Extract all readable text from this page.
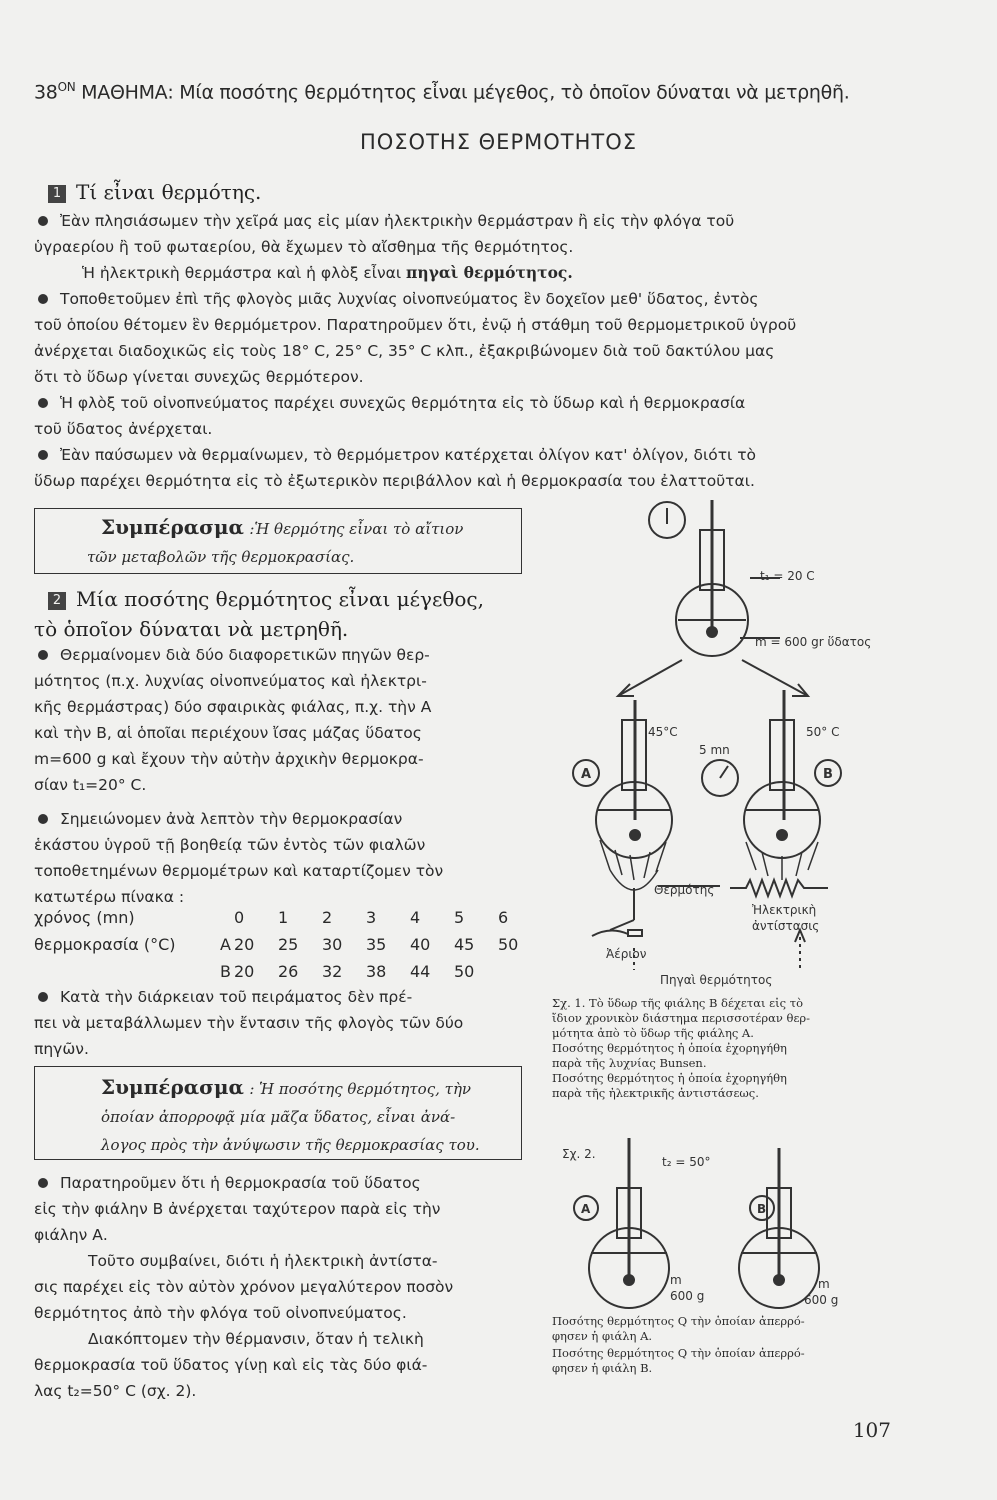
$38^{ON}$ ΜΑΘΗΜΑ: Μία ποσότης θερμότητος εἶναι μέγεθος, τὸ ὁποῖον δύναται νὰ μετρηθῆ.
ΠΟΣΟΤΗΣ ΘΕΡΜΟΤΗΤΟΣ
1 Τί εἶναι θερμότης.
Ἐὰν πλησιάσωμεν τὴν χεῖρά μας εἰς μίαν ἠλεκτρικὴν θερμάστραν ἢ εἰς τὴν φλόγα τοῦ
ὑγραερίου ἢ τοῦ φωταερίου, θὰ ἔχωμεν τὸ αἴσθημα τῆς θερμότητος.
Ἡ ἠλεκτρικὴ θερμάστρα καὶ ἡ φλὸξ εἶναι πηγαὶ θερμότητος.
Τοποθετοῦμεν ἐπὶ τῆς φλογὸς μιᾶς λυχνίας οἰνοπνεύματος ἓν δοχεῖον μεθ' ὕδατος, ἐντὸς
τοῦ ὁποίου θέτομεν ἓν θερμόμετρον. Παρατηροῦμεν ὅτι, ἐνῷ ἡ στάθμη τοῦ θερμομετρικοῦ ὑγροῦ
ἀνέρχεται διαδοχικῶς εἰς τοὺς 18° C, 25° C, 35° C κλπ., ἐξακριβώνομεν διὰ τοῦ δακτύλου μας
ὅτι τὸ ὕδωρ γίνεται συνεχῶς θερμότερον.
Ἡ φλὸξ τοῦ οἰνοπνεύματος παρέχει συνεχῶς θερμότητα εἰς τὸ ὕδωρ καὶ ἡ θερμοκρασία
τοῦ ὕδατος ἀνέρχεται.
Ἐὰν παύσωμεν νὰ θερμαίνωμεν, τὸ θερμόμετρον κατέρχεται ὀλίγον κατ' ὀλίγον, διότι τὸ
ὕδωρ παρέχει θερμότητα εἰς τὸ ἐξωτερικὸν περιβάλλον καὶ ἡ θερμοκρασία του ἐλαττοῦται.
Συμπέρασμα :Ἡ θερμότης εἶναι τὸ αἴτιον
τῶν μεταβολῶν τῆς θερμοκρασίας.
2 Μία ποσότης θερμότητος εἶναι μέγεθος,
τὸ ὁποῖον δύναται νὰ μετρηθῆ.
Θερμαίνομεν διὰ δύο διαφορετικῶν πηγῶν θερ-
μότητος (π.χ. λυχνίας οἰνοπνεύματος καὶ ἠλεκτρι-
κῆς θερμάστρας) δύο σφαιρικὰς φιάλας, π.χ. τὴν Α
καὶ τὴν Β, αἱ ὁποῖαι περιέχουν ἴσας μάζας ὕδατος
m=600 g καὶ ἔχουν τὴν αὐτὴν ἀρχικὴν θερμοκρα-
σίαν t₁=20° C.
Σημειώνομεν ἀνὰ λεπτὸν τὴν θερμοκρασίαν
ἑκάστου ὑγροῦ τῇ βοηθείᾳ τῶν ἐντὸς τῶν φιαλῶν
τοποθετημένων θερμομέτρων καὶ καταρτίζομεν τὸν
κατωτέρω πίνακα :
χρόνος (mn)		0	1	2	3	4	5	6
θερμοκρασία (°C)	A	20	25	30	35	40	45	50
	B	20	26	32	38	44	50	
Κατὰ τὴν διάρκειαν τοῦ πειράματος δὲν πρέ-
πει νὰ μεταβάλλωμεν τὴν ἔντασιν τῆς φλογὸς τῶν δύο
πηγῶν.
Συμπέρασμα : Ἡ ποσότης θερμότητος, τὴν
ὁποίαν ἀπορροφᾷ μία μᾶζα ὕδατος, εἶναι ἀνά-
λογος πρὸς τὴν ἀνύψωσιν τῆς θερμοκρασίας του.
Παρατηροῦμεν ὅτι ἡ θερμοκρασία τοῦ ὕδατος
εἰς τὴν φιάλην Β ἀνέρχεται ταχύτερον παρὰ εἰς τὴν
φιάλην Α.
Τοῦτο συμβαίνει, διότι ἡ ἠλεκτρικὴ ἀντίστα-
σις παρέχει εἰς τὸν αὐτὸν χρόνον μεγαλύτερον ποσὸν
θερμότητος ἀπὸ τὴν φλόγα τοῦ οἰνοπνεύματος.
Διακόπτομεν τὴν θέρμανσιν, ὅταν ἡ τελικὴ
θερμοκρασία τοῦ ὕδατος γίνῃ καὶ εἰς τὰς δύο φιά-
λας t₂=50° C (σχ. 2).
t₁ = 20 C
m = 600 gr ὕδατος
45°C	50° C
5 mn
A	B
Θερμότης
Ἠλεκτρικὴ
ἀντίστασις
Ἀέριον
Πηγαὶ θερμότητος
Σχ. 1. Τὸ ὕδωρ τῆς φιάλης Β δέχεται εἰς τὸ
ἴδιον χρονικὸν διάστημα περισσοτέραν θερ-
μότητα ἀπὸ τὸ ὕδωρ τῆς φιάλης Α.
Ποσότης θερμότητος ἡ ὁποία ἐχορηγήθη
παρὰ τῆς λυχνίας Bunsen.
Ποσότης θερμότητος ἡ ὁποία ἐχορηγήθη
παρὰ τῆς ἠλεκτρικῆς ἀντιστάσεως.
Σχ. 2.
t₂ = 50°
A	B
m
600 g
m
600 g
Ποσότης θερμότητος Q τὴν ὁποίαν ἀπερρό-
φησεν ἡ φιάλη Α.
Ποσότης θερμότητος Q τὴν ὁποίαν ἀπερρό-
φησεν ἡ φιάλη Β.
107
